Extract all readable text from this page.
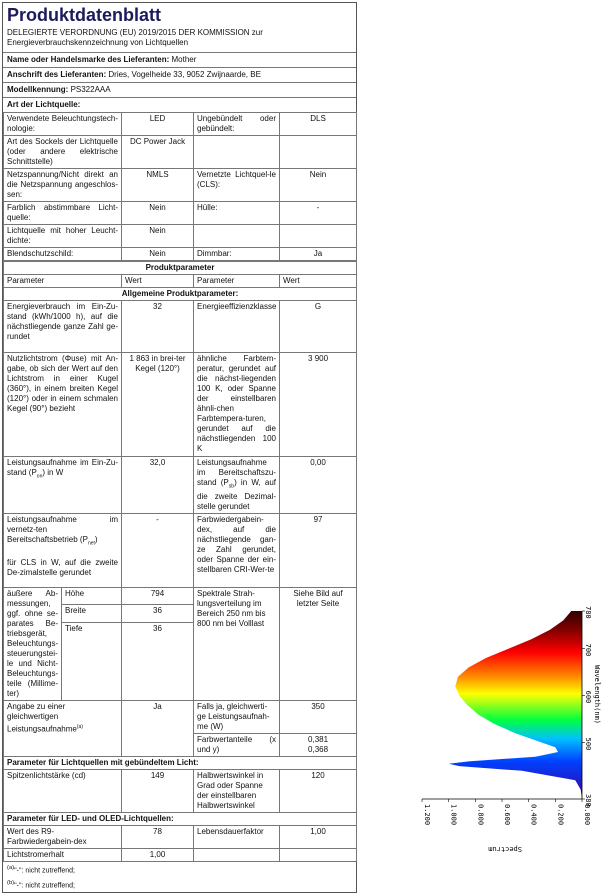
Produktdatenblatt
DELEGIERTE VERORDNUNG (EU) 2019/2015 DER KOMMISSION zur Energieverbrauchskennzeichnung von Lichtquellen
Name oder Handelsmarke des Lieferanten: Mother
Anschrift des Lieferanten: Dries, Vogelheide 33, 9052 Zwijnaarde, BE
Modellkennung: PS322AAA
Art der Lichtquelle:
Verwendete Beleuchtungstech-nologie:	LED	Ungebündelt oder gebündelt:	DLS
Art des Sockels der Lichtquelle (oder andere elektrische Schnittstelle)	DC Power Jack		
Netzspannung/Nicht direkt an die Netzspannung angeschlos-sen:	NMLS	Vernetzte Lichtquel-le (CLS):	Nein
Farblich abstimmbare Licht-quelle:	Nein	Hülle:	-
Lichtquelle mit hoher Leucht-dichte:	Nein		
Blendschutzschild:	Nein	Dimmbar:	Ja
Produktparameter				
Parameter		Wert	Parameter	Wert
Allgemeine Produktparameter:				
Energieverbrauch im Ein-Zu-stand (kWh/1000 h), auf die nächstliegende ganze Zahl ge-rundet		32	Energieeffizienzklasse	G
Nutzlichtstrom (Φuse) mit An-gabe, ob sich der Wert auf den Lichtstrom in einer Kugel (360°), in einem breiten Kegel (120°) oder in einem schmalen Kegel (90°) bezieht		1 863 in brei-ter Kegel (120°)	ähnliche Farbtem-peratur, gerundet auf die nächst-liegenden 100 K, oder Spanne der einstellbaren ähnli-chen Farbtempera-turen, gerundet auf die nächstliegenden 100 K	3 900
Leistungsaufnahme im Ein-Zu-stand $(P_{on})$ in W		32,0	Leistungsaufnahme im Bereitschaftszu-stand $(P_{sb})$ in W, auf die zweite Dezimal-stelle gerundet	0,00
Leistungsaufnahme im vernetz-ten Bereitschaftsbetrieb $(P_{net})$

für CLS in W, auf die zweite De-zimalstelle gerundet		-	Farbwiedergabein-dex, auf die nächstliegende gan-ze Zahl gerundet, oder Spanne der ein-stellbaren CRI-Wer-te	97
äußere Ab-messungen, ggf. ohne se-parates Be-triebsgerät, Beleuchtungs-steuerungstei-le und Nicht-Beleuchtungs-teile (Millime-ter)	Höhe	794	Spektrale Strah-lungsverteilung im Bereich 250 nm bis 800 nm bei Volllast	Siehe Bild auf letzter Seite
	Breite	36		
	Tiefe	36		
Angabe zu einer gleichwertigen Leistungsaufnahme$^{(a)}$		Ja	Falls ja, gleichwerti-ge Leistungsaufnah-me (W)	350
			Farbwertanteile (x und y)	0,381
0,368
Parameter für Lichtquellen mit gebündeltem Licht:				
Spitzenlichtstärke (cd)		149	Halbwertswinkel in Grad oder Spanne der einstellbaren Halbwertswinkel	120
Parameter für LED- und OLED-Lichtquellen:				
Wert des R9-Farbwiedergabein-dex		78	Lebensdauerfaktor	1,00
Lichtstromerhalt		1,00		
$^{(a)}$"-": nicht zutreffend;
$^{(b)}$"-": nicht zutreffend;
0.000
0.200
0.400
0.600
0.800
1.000
1.200
380
500
600
700
780
Wavelength(nm)
Spectrum
